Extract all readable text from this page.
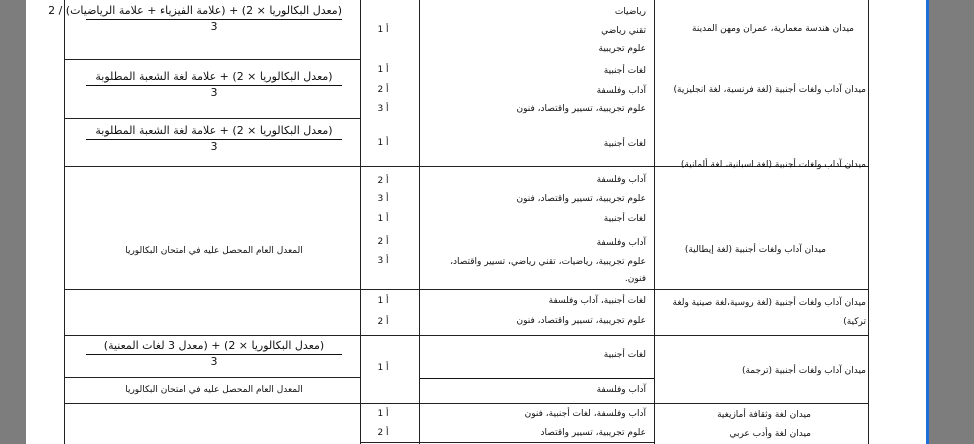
ميدان هندسة معمارية، عمران ومهن المدينة
رياضيات
تقني رياضي
علوم تجريبية
أ 1
(معدل البكالوريا × 2) + (علامة الفيزياء + علامة الرياضيات) / 2
3
ميدان آداب ولغات أجنبية (لغة فرنسية، لغة انجليزية)
لغات أجنبية
آداب وفلسفة
علوم تجريبية، تسيير واقتصاد، فنون
أ 1
أ 2
أ 3
(معدل البكالوريا × 2) + علامة لغة الشعبة المطلوبة
3
ميدان آداب ولغات أجنبية (لغة اسبانية، لغة ألمانية)
لغات أجنبية
أ 1
(معدل البكالوريا × 2) + علامة لغة الشعبة المطلوبة
3
ميدان آداب ولغات أجنبية (لغة إيطالية)
آداب وفلسفة
علوم تجريبية، تسيير واقتصاد، فنون
لغات أجنبية
آداب وفلسفة
علوم تجريبية، رياضيات، تقني رياضي، تسيير واقتصاد،
فنون.
أ 2
أ 3
أ 1
أ 2
أ 3
المعدل العام المحصل عليه في امتحان البكالوريا
ميدان آداب ولغات أجنبية (لغة روسية،لغة صينية ولغة
تركية)
لغات أجنبية، آداب وفلسفة
علوم تجريبية، تسيير واقتصاد، فنون
أ 1
أ 2
ميدان آداب ولغات أجنبية (ترجمة)
لغات أجنبية
آداب وفلسفة
أ 1
(معدل البكالوريا × 2) + (معدل 3 لغات المعنية)
3
المعدل العام المحصل عليه في امتحان البكالوريا
ميدان لغة وثقافة أمازيغية
ميدان لغة وأدب عربي
آداب وفلسفة، لغات أجنبية، فنون
علوم تجريبية، تسيير واقتصاد
أ 1
أ 2
